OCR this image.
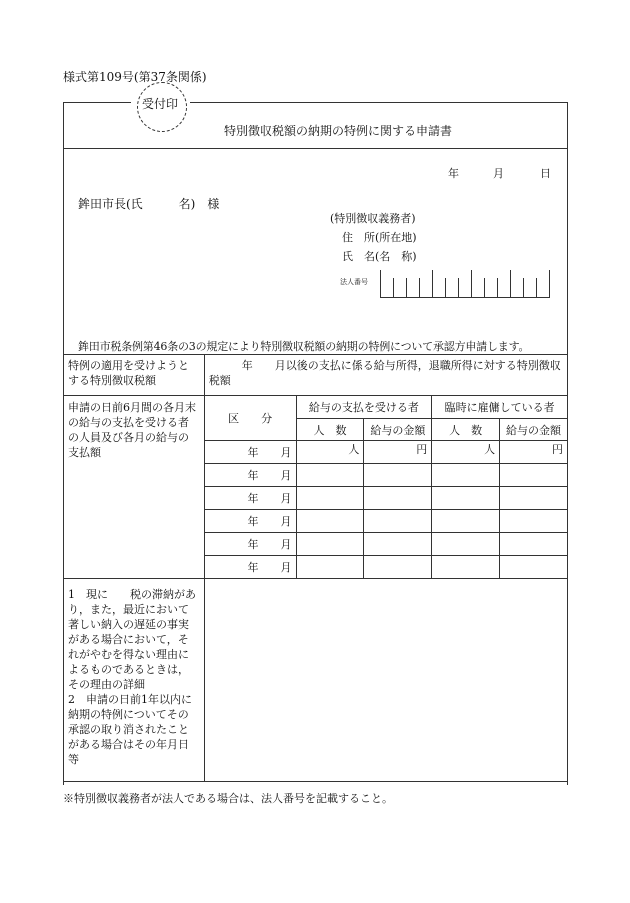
様式第109号(第37条関係)
受付印
特別徴収税額の納期の特例に関する申請書
年	月	日
鉾田市長(氏　　　名)　様
(特別徴収義務者)
住　所(所在地)
氏　名(名　称)
法人番号
鉾田市税条例第46条の3の規定により特別徴収税額の納期の特例について承認方申請します。
特例の適用を受けようとする特別徴収税額	　　　年　　月以後の支払に係る給与所得，退職所得に対する特別徴収税額				
申請の日前6月間の各月末の給与の支払を受ける者の人員及び各月の給与の支払額	区　　分	給与の支払を受ける者		臨時に雇傭している者	
		人　数	給与の金額	人　数	給与の金額
	年　　月	人	円	人	円
	年　　月				
	年　　月				
	年　　月				
	年　　月				
	年　　月				
1　現に　　税の滞納があり，また，最近において著しい納入の遅延の事実がある場合において，それがやむを得ない理由によるものであるときは，その理由の詳細
2　申請の日前1年以内に納期の特例についてその承認の取り消されたことがある場合はその年月日等					
※特別徴収義務者が法人である場合は、法人番号を記載すること。
